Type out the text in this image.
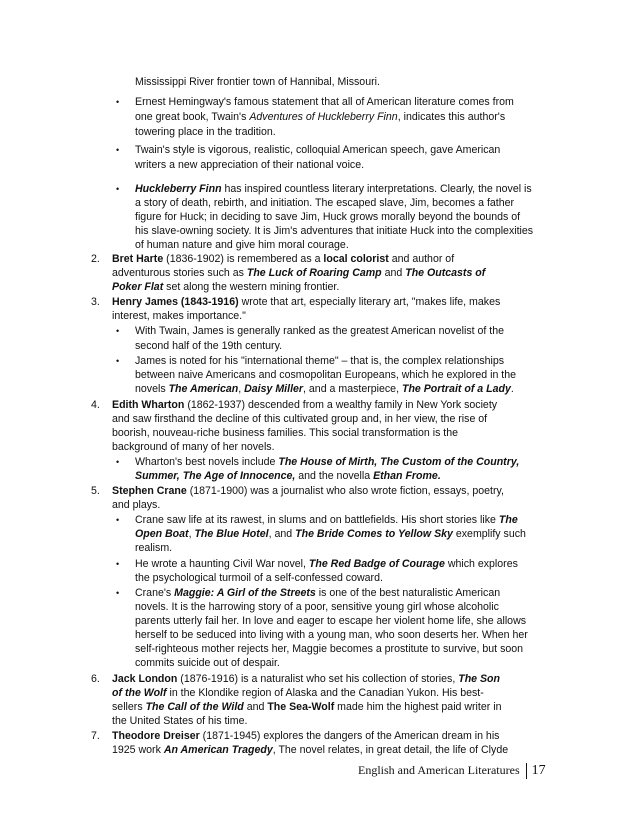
Mississippi River frontier town of Hannibal, Missouri.
• Ernest Hemingway's famous statement that all of American literature comes from
one great book, Twain's Adventures of Huckleberry Finn, indicates this author's
towering place in the tradition.
• Twain's style is vigorous, realistic, colloquial American speech, gave American
writers a new appreciation of their national voice.
• Huckleberry Finn has inspired countless literary interpretations. Clearly, the novel is
a story of death, rebirth, and initiation. The escaped slave, Jim, becomes a father
figure for Huck; in deciding to save Jim, Huck grows morally beyond the bounds of
his slave-owning society. It is Jim's adventures that initiate Huck into the complexities
of human nature and give him moral courage.
2. Bret Harte (1836-1902) is remembered as a local colorist and author of
adventurous stories such as The Luck of Roaring Camp and The Outcasts of
Poker Flat set along the western mining frontier.
3. Henry James (1843-1916) wrote that art, especially literary art, "makes life, makes
interest, makes importance."
• With Twain, James is generally ranked as the greatest American novelist of the
second half of the 19th century.
• James is noted for his "international theme" – that is, the complex relationships
between naive Americans and cosmopolitan Europeans, which he explored in the
novels The American, Daisy Miller, and a masterpiece, The Portrait of a Lady.
4. Edith Wharton (1862-1937) descended from a wealthy family in New York society
and saw firsthand the decline of this cultivated group and, in her view, the rise of
boorish, nouveau-riche business families. This social transformation is the
background of many of her novels.
• Wharton's best novels include The House of Mirth, The Custom of the Country,
Summer, The Age of Innocence, and the novella Ethan Frome.
5. Stephen Crane (1871-1900) was a journalist who also wrote fiction, essays, poetry,
and plays.
• Crane saw life at its rawest, in slums and on battlefields. His short stories like The
Open Boat, The Blue Hotel, and The Bride Comes to Yellow Sky exemplify such
realism.
• He wrote a haunting Civil War novel, The Red Badge of Courage which explores
the psychological turmoil of a self-confessed coward.
• Crane's Maggie: A Girl of the Streets is one of the best naturalistic American
novels. It is the harrowing story of a poor, sensitive young girl whose alcoholic
parents utterly fail her. In love and eager to escape her violent home life, she allows
herself to be seduced into living with a young man, who soon deserts her. When her
self-righteous mother rejects her, Maggie becomes a prostitute to survive, but soon
commits suicide out of despair.
6. Jack London (1876-1916) is a naturalist who set his collection of stories, The Son
of the Wolf in the Klondike region of Alaska and the Canadian Yukon. His best-
sellers The Call of the Wild and The Sea-Wolf made him the highest paid writer in
the United States of his time.
7. Theodore Dreiser (1871-1945) explores the dangers of the American dream in his
1925 work An American Tragedy, The novel relates, in great detail, the life of Clyde
English and American Literatures 17
